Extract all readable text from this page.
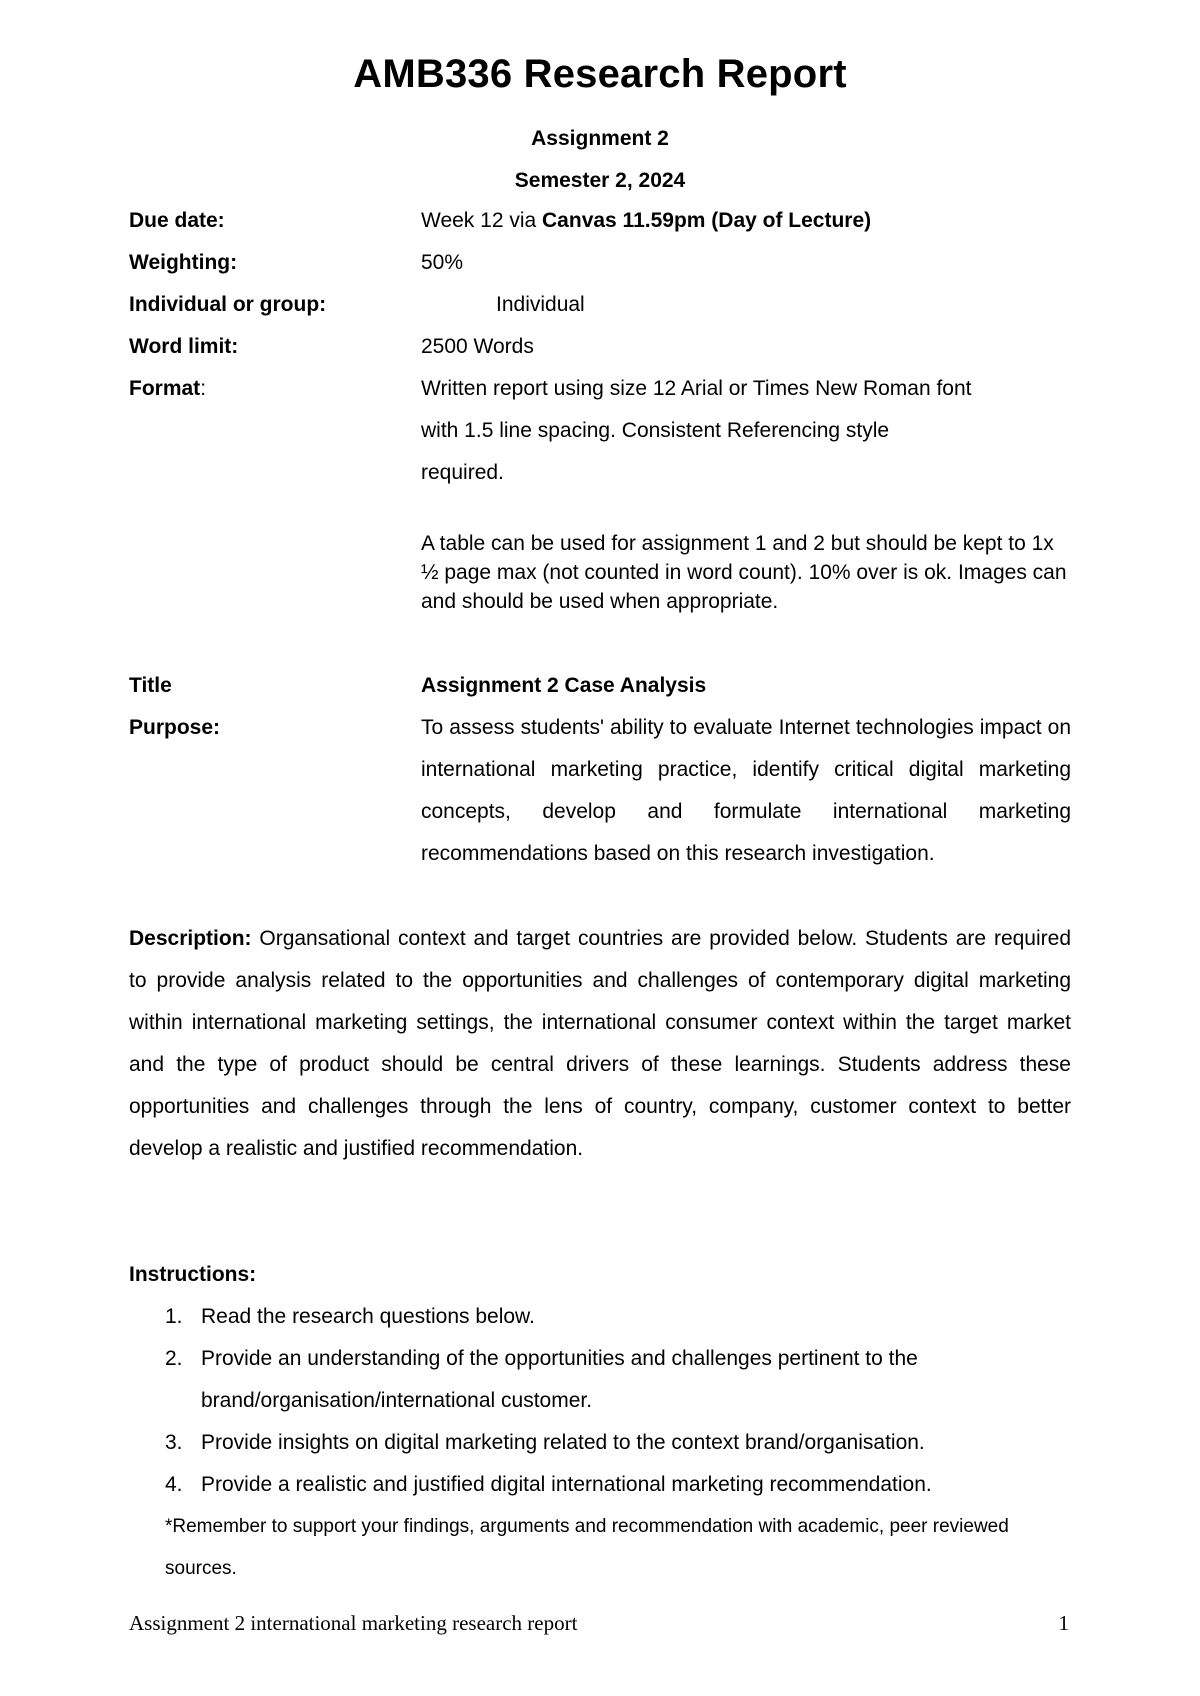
AMB336 Research Report
Assignment 2
Semester 2, 2024
Due date:	Week 12 via Canvas 11.59pm (Day of Lecture)
Weighting:	50%
Individual or group:	Individual
Word limit:	2500 Words
Format:	Written report using size 12 Arial or Times New Roman font
with 1.5 line spacing. Consistent Referencing style
required.
A table can be used for assignment 1 and 2 but should be kept to 1x ½ page max (not counted in word count). 10% over is ok. Images can and should be used when appropriate.
Title	Assignment 2 Case Analysis
Purpose:	To assess students' ability to evaluate Internet technologies impact on international marketing practice, identify critical digital marketing concepts, develop and formulate international marketing recommendations based on this research investigation.
Description: Organsational context and target countries are provided below. Students are required to provide analysis related to the opportunities and challenges of contemporary digital marketing within international marketing settings, the international consumer context within the target market and the type of product should be central drivers of these learnings. Students address these opportunities and challenges through the lens of country, company, customer context to better develop a realistic and justified recommendation.
Instructions:
1. Read the research questions below.
2. Provide an understanding of the opportunities and challenges pertinent to the brand/organisation/international customer.
3. Provide insights on digital marketing related to the context brand/organisation.
4. Provide a realistic and justified digital international marketing recommendation.
*Remember to support your findings, arguments and recommendation with academic, peer reviewed sources.
Assignment 2 international marketing research report	1
